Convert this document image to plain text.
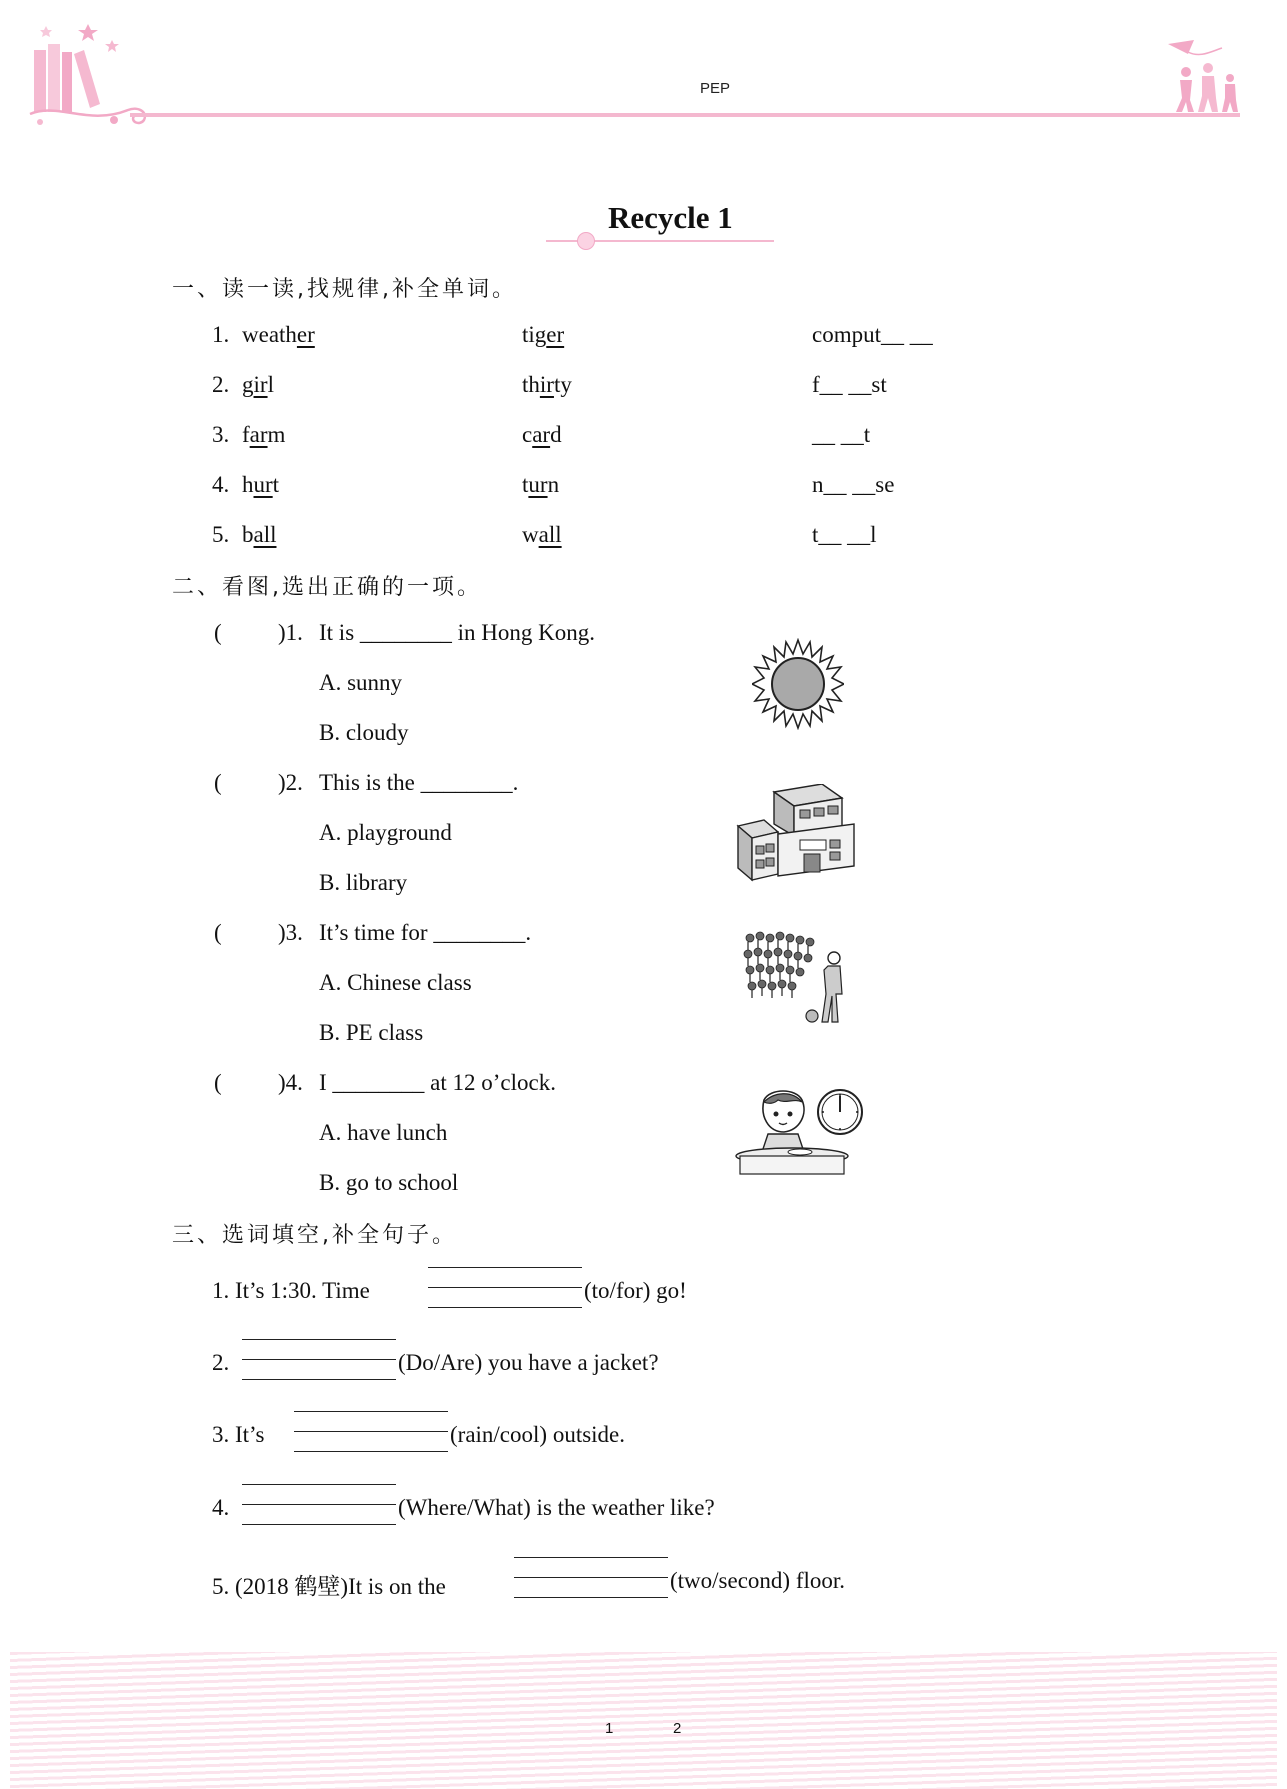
PEP
Recycle 1
一、读一读,找规律,补全单词。
1. weather	tiger	comput__ __
2. girl	thirty	f__ __st
3. farm	card	__ __t
4. hurt	turn	n__ __se
5. ball	wall	t__ __l
二、看图,选出正确的一项。
( )1. It is ________ in Hong Kong.
A. sunny
B. cloudy
( )2. This is the ________.
A. playground
B. library
( )3. It’s time for ________.
A. Chinese class
B. PE class
( )4. I ________ at 12 o’clock.
A. have lunch
B. go to school
三、选词填空,补全句子。
1. It’s 1:30. Time	(to/for) go!
2.	(Do/Are) you have a jacket?
3. It’s	(rain/cool) outside.
4.	(Where/What) is the weather like?
5. (2018 鹤壁)It is on the	(two/second) floor.
1	2
